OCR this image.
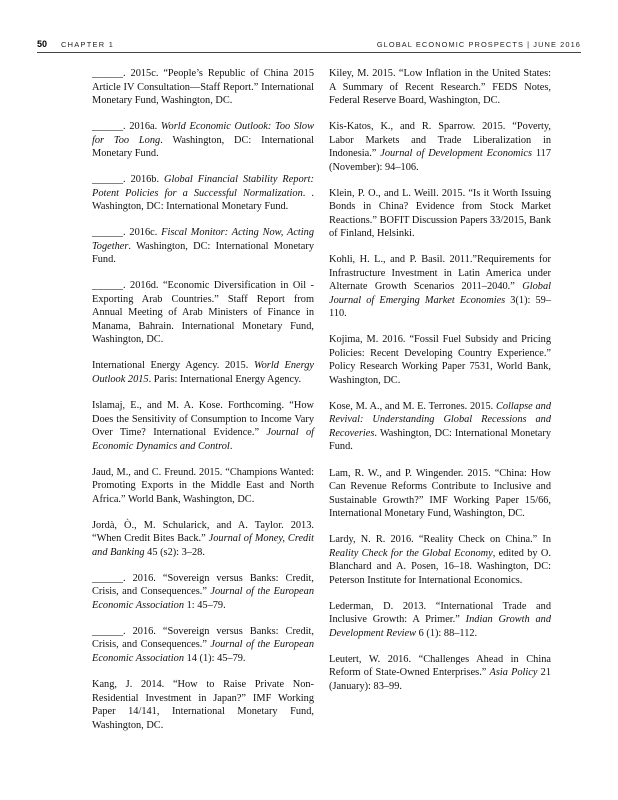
50 CHAPTER 1	GLOBAL ECONOMIC PROSPECTS | JUNE 2016

______. 2015c. “People’s Republic of China 2015 Article IV Consultation—Staff Report.” International Monetary Fund, Washington, DC.

______. 2016a. World Economic Outlook: Too Slow for Too Long. Washington, DC: International Monetary Fund.

______. 2016b. Global Financial Stability Report: Potent Policies for a Successful Normalization. . Washington, DC: International Monetary Fund.

______. 2016c. Fiscal Monitor: Acting Now, Acting Together. Washington, DC: International Monetary Fund.

______. 2016d. “Economic Diversification in Oil -Exporting Arab Countries.” Staff Report from Annual Meeting of Arab Ministers of Finance in Manama, Bahrain. International Monetary Fund, Washington, DC.

International Energy Agency. 2015. World Energy Outlook 2015. Paris: International Energy Agency.

Islamaj, E., and M. A. Kose. Forthcoming. “How Does the Sensitivity of Consumption to Income Vary Over Time? International Evidence.” Journal of Economic Dynamics and Control.

Jaud, M., and C. Freund. 2015. “Champions Wanted: Promoting Exports in the Middle East and North Africa.” World Bank, Washington, DC.

Jordà, Ò., M. Schularick, and A. Taylor. 2013. “When Credit Bites Back.” Journal of Money, Credit and Banking 45 (s2): 3–28.

______. 2016. “Sovereign versus Banks: Credit, Crisis, and Consequences.” Journal of the European Economic Association 1: 45–79.

______. 2016. “Sovereign versus Banks: Credit, Crisis, and Consequences.” Journal of the European Economic Association 14 (1): 45–79.

Kang, J. 2014. “How to Raise Private Non-Residential Investment in Japan?” IMF Working Paper 14/141, International Monetary Fund, Washington, DC.

Kiley, M. 2015. “Low Inflation in the United States: A Summary of Recent Research.” FEDS Notes, Federal Reserve Board, Washington, DC.

Kis-Katos, K., and R. Sparrow. 2015. “Poverty, Labor Markets and Trade Liberalization in Indonesia.” Journal of Development Economics 117 (November): 94–106.

Klein, P. O., and L. Weill. 2015. “Is it Worth Issuing Bonds in China? Evidence from Stock Market Reactions.” BOFIT Discussion Papers 33/2015, Bank of Finland, Helsinki.

Kohli, H. L., and P. Basil. 2011.”Requirements for Infrastructure Investment in Latin America under Alternate Growth Scenarios 2011–2040.” Global Journal of Emerging Market Economies 3(1): 59–110.

Kojima, M. 2016. “Fossil Fuel Subsidy and Pricing Policies: Recent Developing Country Experience.” Policy Research Working Paper 7531, World Bank, Washington, DC.

Kose, M. A., and M. E. Terrones. 2015. Collapse and Revival: Understanding Global Recessions and Recoveries. Washington, DC: International Monetary Fund.

Lam, R. W., and P. Wingender. 2015. “China: How Can Revenue Reforms Contribute to Inclusive and Sustainable Growth?” IMF Working Paper 15/66, International Monetary Fund, Washington, DC.

Lardy, N. R. 2016. “Reality Check on China.” In Reality Check for the Global Economy, edited by O. Blanchard and A. Posen, 16–18. Washington, DC: Peterson Institute for International Economics.

Lederman, D. 2013. “International Trade and Inclusive Growth: A Primer.” Indian Growth and Development Review 6 (1): 88–112.

Leutert, W. 2016. “Challenges Ahead in China Reform of State-Owned Enterprises.” Asia Policy 21 (January): 83–99.
